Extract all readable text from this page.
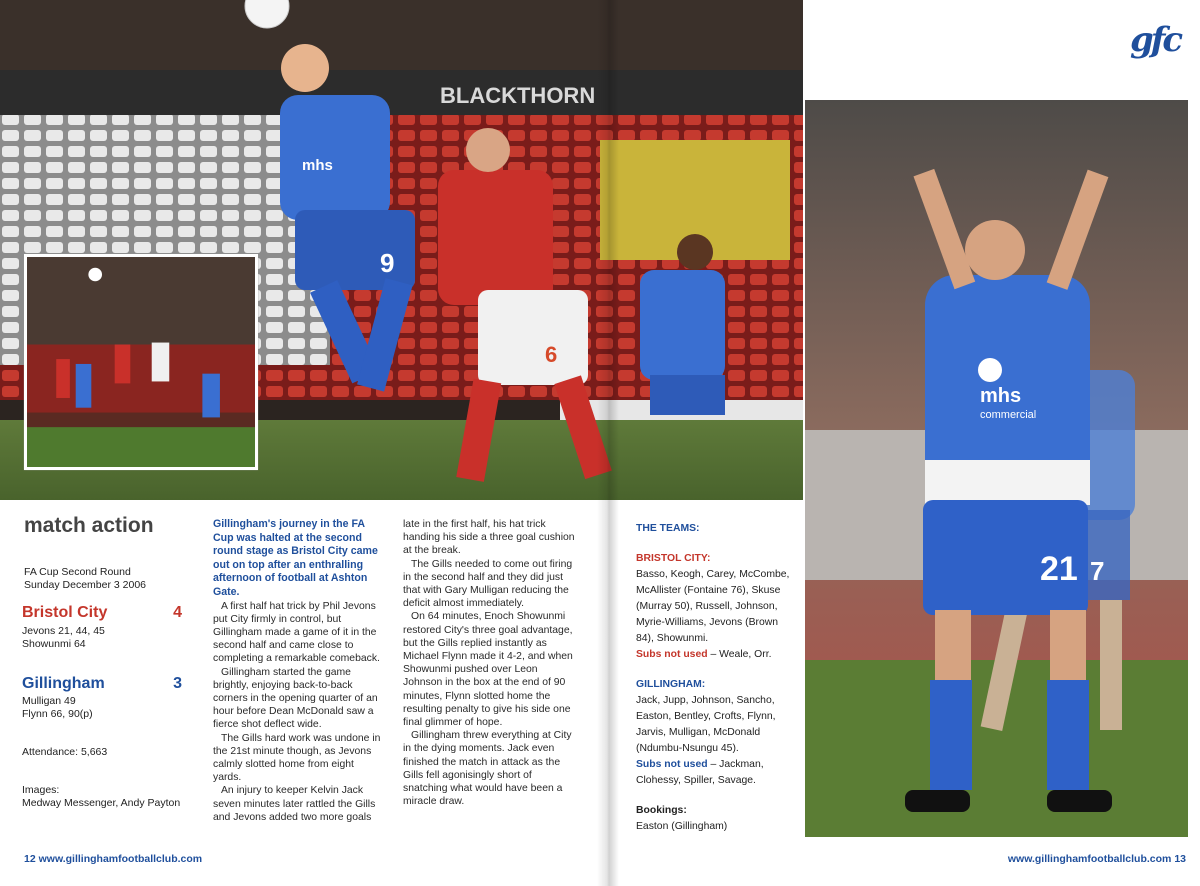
BLACKTHORN
9
mhs
6
gfc
7
mhs
commercial
21
match action
FA Cup Second Round
Sunday December 3 2006
Bristol City	4
Jevons 21, 44, 45
Showunmi 64
Gillingham	3
Mulligan 49
Flynn 66, 90(p)
Attendance: 5,663
Images:
Medway Messenger, Andy Payton

Gillingham's journey in the FA Cup was halted at the second round stage as Bristol City came out on top after an enthralling afternoon of football at Ashton Gate.

A first half hat trick by Phil Jevons put City firmly in control, but Gillingham made a game of it in the second half and came close to completing a remarkable comeback.

Gillingham started the game brightly, enjoying back-to-back corners in the opening quarter of an hour before Dean McDonald saw a fierce shot deflect wide.

The Gills hard work was undone in the 21st minute though, as Jevons calmly slotted home from eight yards.

An injury to keeper Kelvin Jack seven minutes later rattled the Gills and Jevons added two more goals

late in the first half, his hat trick handing his side a three goal cushion at the break.

The Gills needed to come out firing in the second half and they did just that with Gary Mulligan reducing the deficit almost immediately.

On 64 minutes, Enoch Showunmi restored City's three goal advantage, but the Gills replied instantly as Michael Flynn made it 4-2, and when Showunmi pushed over Leon Johnson in the box at the end of 90 minutes, Flynn slotted home the resulting penalty to give his side one final glimmer of hope.

Gillingham threw everything at City in the dying moments. Jack even finished the match in attack as the Gills fell agonisingly short of snatching what would have been a miracle draw.

THE TEAMS:
BRISTOL CITY:
Basso, Keogh, Carey, McCombe, McAllister (Fontaine 76), Skuse (Murray 50), Russell, Johnson, Myrie-Williams, Jevons (Brown 84), Showunmi.
Subs not used – Weale, Orr.
GILLINGHAM:
Jack, Jupp, Johnson, Sancho, Easton, Bentley, Crofts, Flynn, Jarvis, Mulligan, McDonald (Ndumbu-Nsungu 45).
Subs not used – Jackman, Clohessy, Spiller, Savage.
Bookings:
Easton (Gillingham)
12 www.gillinghamfootballclub.com	www.gillinghamfootballclub.com 13
